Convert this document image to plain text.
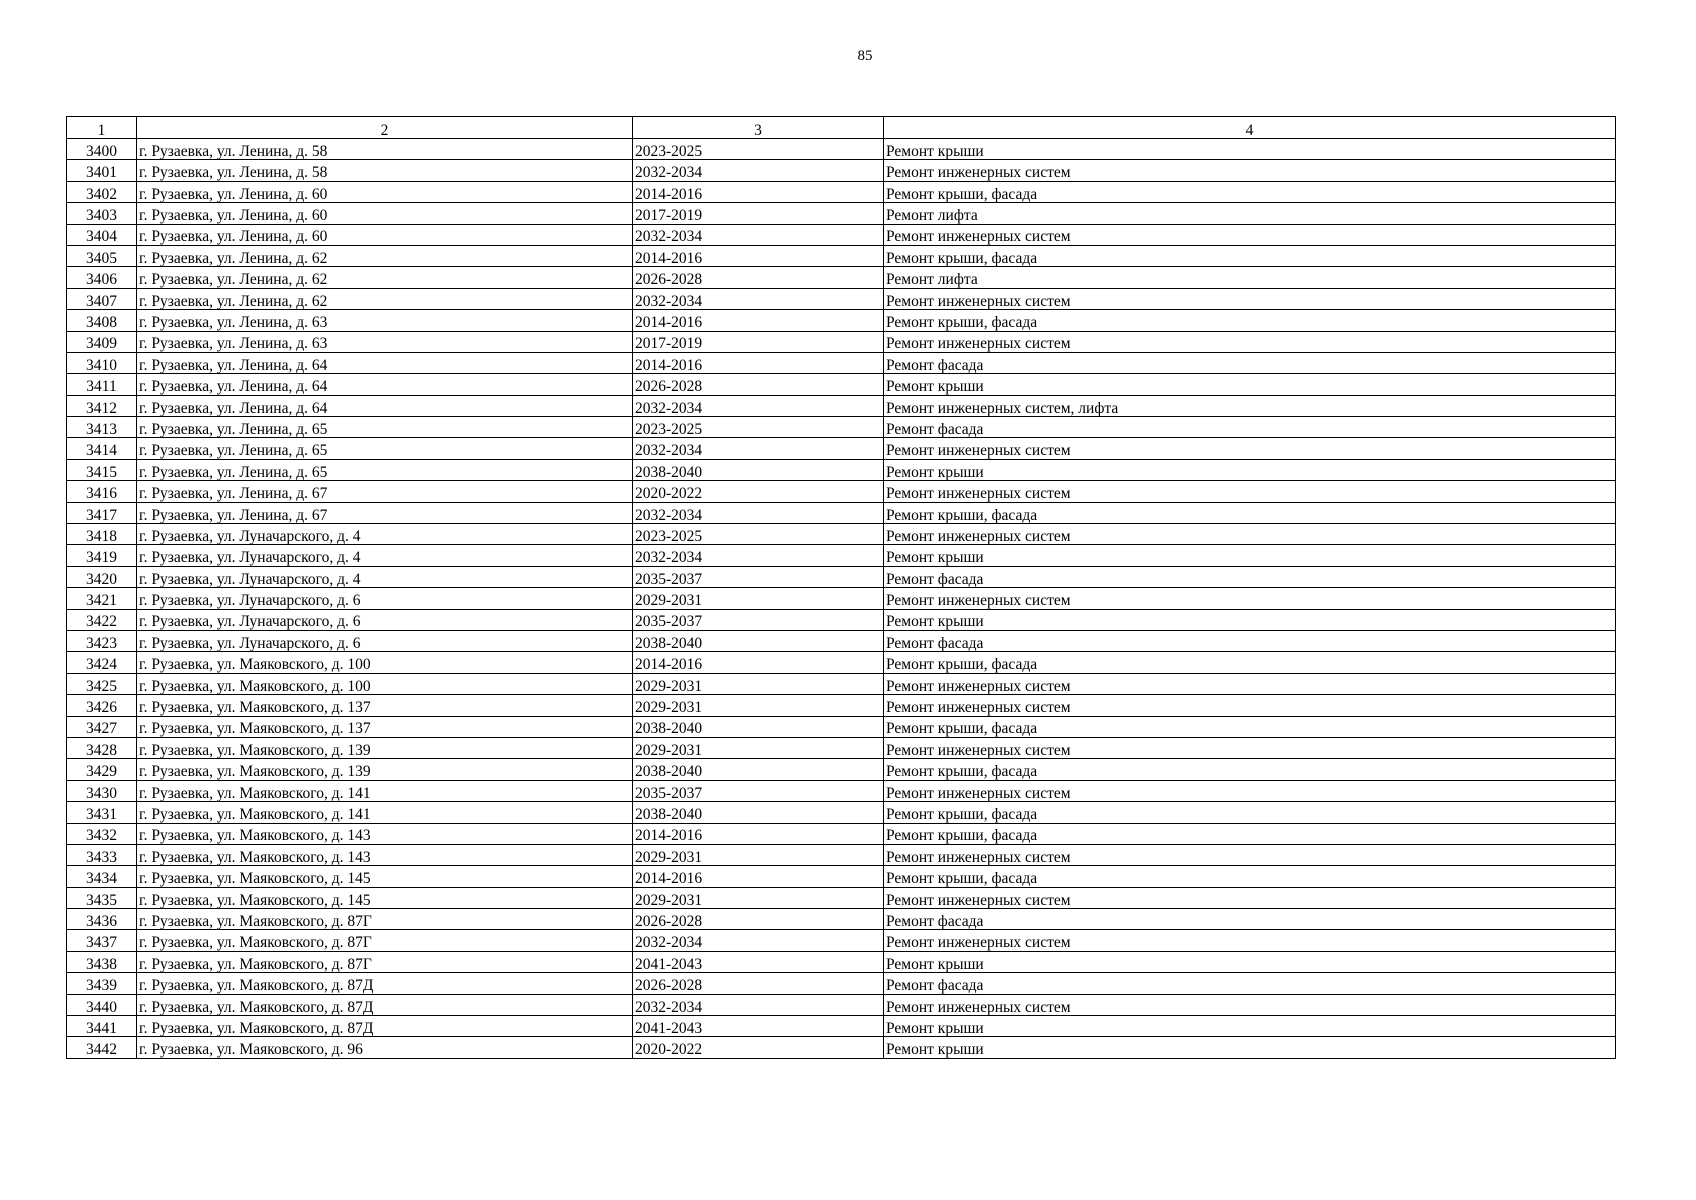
85
1	2	3	4
3400	г. Рузаевка, ул. Ленина, д. 58	2023-2025	Ремонт крыши
3401	г. Рузаевка, ул. Ленина, д. 58	2032-2034	Ремонт инженерных систем
3402	г. Рузаевка, ул. Ленина, д. 60	2014-2016	Ремонт крыши, фасада
3403	г. Рузаевка, ул. Ленина, д. 60	2017-2019	Ремонт лифта
3404	г. Рузаевка, ул. Ленина, д. 60	2032-2034	Ремонт инженерных систем
3405	г. Рузаевка, ул. Ленина, д. 62	2014-2016	Ремонт крыши, фасада
3406	г. Рузаевка, ул. Ленина, д. 62	2026-2028	Ремонт лифта
3407	г. Рузаевка, ул. Ленина, д. 62	2032-2034	Ремонт инженерных систем
3408	г. Рузаевка, ул. Ленина, д. 63	2014-2016	Ремонт крыши, фасада
3409	г. Рузаевка, ул. Ленина, д. 63	2017-2019	Ремонт инженерных систем
3410	г. Рузаевка, ул. Ленина, д. 64	2014-2016	Ремонт фасада
3411	г. Рузаевка, ул. Ленина, д. 64	2026-2028	Ремонт крыши
3412	г. Рузаевка, ул. Ленина, д. 64	2032-2034	Ремонт инженерных систем, лифта
3413	г. Рузаевка, ул. Ленина, д. 65	2023-2025	Ремонт фасада
3414	г. Рузаевка, ул. Ленина, д. 65	2032-2034	Ремонт инженерных систем
3415	г. Рузаевка, ул. Ленина, д. 65	2038-2040	Ремонт крыши
3416	г. Рузаевка, ул. Ленина, д. 67	2020-2022	Ремонт инженерных систем
3417	г. Рузаевка, ул. Ленина, д. 67	2032-2034	Ремонт крыши, фасада
3418	г. Рузаевка, ул. Луначарского, д. 4	2023-2025	Ремонт инженерных систем
3419	г. Рузаевка, ул. Луначарского, д. 4	2032-2034	Ремонт крыши
3420	г. Рузаевка, ул. Луначарского, д. 4	2035-2037	Ремонт фасада
3421	г. Рузаевка, ул. Луначарского, д. 6	2029-2031	Ремонт инженерных систем
3422	г. Рузаевка, ул. Луначарского, д. 6	2035-2037	Ремонт крыши
3423	г. Рузаевка, ул. Луначарского, д. 6	2038-2040	Ремонт фасада
3424	г. Рузаевка, ул. Маяковского, д. 100	2014-2016	Ремонт крыши, фасада
3425	г. Рузаевка, ул. Маяковского, д. 100	2029-2031	Ремонт инженерных систем
3426	г. Рузаевка, ул. Маяковского, д. 137	2029-2031	Ремонт инженерных систем
3427	г. Рузаевка, ул. Маяковского, д. 137	2038-2040	Ремонт крыши, фасада
3428	г. Рузаевка, ул. Маяковского, д. 139	2029-2031	Ремонт инженерных систем
3429	г. Рузаевка, ул. Маяковского, д. 139	2038-2040	Ремонт крыши, фасада
3430	г. Рузаевка, ул. Маяковского, д. 141	2035-2037	Ремонт инженерных систем
3431	г. Рузаевка, ул. Маяковского, д. 141	2038-2040	Ремонт крыши, фасада
3432	г. Рузаевка, ул. Маяковского, д. 143	2014-2016	Ремонт крыши, фасада
3433	г. Рузаевка, ул. Маяковского, д. 143	2029-2031	Ремонт инженерных систем
3434	г. Рузаевка, ул. Маяковского, д. 145	2014-2016	Ремонт крыши, фасада
3435	г. Рузаевка, ул. Маяковского, д. 145	2029-2031	Ремонт инженерных систем
3436	г. Рузаевка, ул. Маяковского, д. 87Г	2026-2028	Ремонт фасада
3437	г. Рузаевка, ул. Маяковского, д. 87Г	2032-2034	Ремонт инженерных систем
3438	г. Рузаевка, ул. Маяковского, д. 87Г	2041-2043	Ремонт крыши
3439	г. Рузаевка, ул. Маяковского, д. 87Д	2026-2028	Ремонт фасада
3440	г. Рузаевка, ул. Маяковского, д. 87Д	2032-2034	Ремонт инженерных систем
3441	г. Рузаевка, ул. Маяковского, д. 87Д	2041-2043	Ремонт крыши
3442	г. Рузаевка, ул. Маяковского, д. 96	2020-2022	Ремонт крыши
